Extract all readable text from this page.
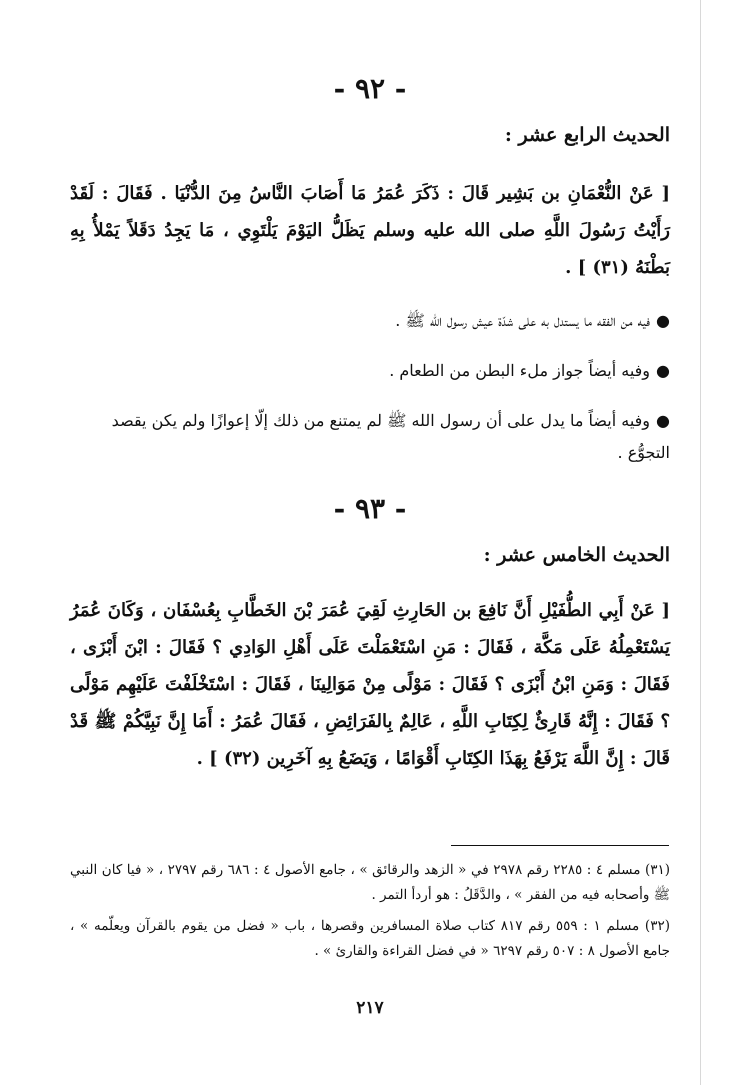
- ٩٢ -
الحديث الرابع عشر :
[ عَنْ النُّعْمَانِ بن بَشِير قَالَ : ذَكَرَ عُمَرُ مَا أَصَابَ النَّاسُ مِنَ الدُّنْيَا . فَقَالَ : لَقَدْ رَأَيْتُ رَسُولَ اللَّهِ صلى الله عليه وسلم يَظَلُّ اليَوْمَ يَلْتَوِي ، مَا يَجِدُ دَقَلاً يَمْلأُ بِهِ بَطْنَهُ (٣١) ] .
●فيه من الفقه ما يستدل به على شدّة عيش رسول الله ﷺ .
●وفيه أيضاً جواز ملء البطن من الطعام .
●وفيه أيضاً ما يدل على أن رسول الله ﷺ لم يمتنع من ذلك إلّا إعوازًا ولم يكن يقصد التجوُّع .
- ٩٣ -
الحديث الخامس عشر :
[ عَنْ أَبِي الطُّفَيْلِ أَنَّ نَافِعَ بن الحَارِثِ لَقِيَ عُمَرَ بْنَ الخَطَّابِ بِعُسْفَان ، وَكَانَ عُمَرُ يَسْتَعْمِلُهُ عَلَى مَكَّة ، فَقَالَ : مَنِ اسْتَعْمَلْتَ عَلَى أَهْلِ الوَادِي ؟ فَقَالَ : ابْنَ أَبْزَى ، فَقَالَ : وَمَنِ ابْنُ أَبْزَى ؟ فَقَالَ : مَوْلًى مِنْ مَوَالِينَا ، فَقَالَ : اسْتَخْلَفْتَ عَلَيْهِم مَوْلًى ؟ فَقَالَ : إِنَّهُ قَارِئٌ لِكِتَابِ اللَّهِ ، عَالِمٌ بِالفَرَائِضِ ، فَقَالَ عُمَرُ : أَمَا إِنَّ نَبِيَّكُمْ ﷺ قَدْ قَالَ : إِنَّ اللَّهَ يَرْفَعُ بِهَذَا الكِتَابِ أَقْوَامًا ، وَيَضَعُ بِهِ آخَرِين (٣٢) ] .
(٣١) مسلم ٤ : ٢٢٨٥ رقم ٢٩٧٨ في « الزهد والرقائق » ، جامع الأصول ٤ : ٦٨٦ رقم ٢٧٩٧ ، « فيا كان النبي ﷺ وأصحابه فيه من الفقر » ، والدَّقَلُ : هو أردأ التمر .
(٣٢) مسلم ١ : ٥٥٩ رقم ٨١٧ كتاب صلاة المسافرين وقصرها ، باب « فضل من يقوم بالقرآن ويعلّمه » ، جامع الأصول ٨ : ٥٠٧ رقم ٦٢٩٧ « في فضل القراءة والقارئ » .
٢١٧
